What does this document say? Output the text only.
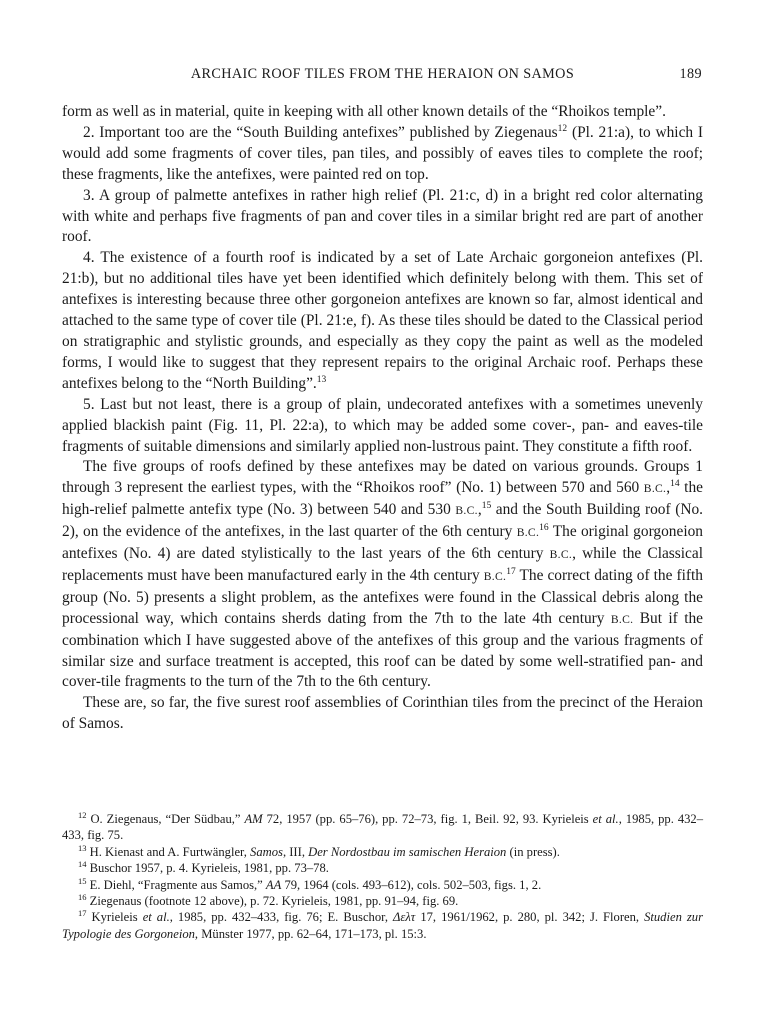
ARCHAIC ROOF TILES FROM THE HERAION ON SAMOS	189

form as well as in material, quite in keeping with all other known details of the “Rhoikos temple”.

2. Important too are the “South Building antefixes” published by Ziegenaus$^{12}$ (Pl. 21:a), to which I would add some fragments of cover tiles, pan tiles, and possibly of eaves tiles to complete the roof; these fragments, like the antefixes, were painted red on top.

3. A group of palmette antefixes in rather high relief (Pl. 21:c, d) in a bright red color alternating with white and perhaps five fragments of pan and cover tiles in a similar bright red are part of another roof.

4. The existence of a fourth roof is indicated by a set of Late Archaic gorgoneion antefixes (Pl. 21:b), but no additional tiles have yet been identified which definitely belong with them. This set of antefixes is interesting because three other gorgoneion antefixes are known so far, almost identical and attached to the same type of cover tile (Pl. 21:e, f). As these tiles should be dated to the Classical period on stratigraphic and stylistic grounds, and especially as they copy the paint as well as the modeled forms, I would like to suggest that they represent repairs to the original Archaic roof. Perhaps these antefixes belong to the “North Building”.$^{13}$

5. Last but not least, there is a group of plain, undecorated antefixes with a sometimes unevenly applied blackish paint (Fig. 11, Pl. 22:a), to which may be added some cover-, pan- and eaves-tile fragments of suitable dimensions and similarly applied non-lustrous paint. They constitute a fifth roof.

The five groups of roofs defined by these antefixes may be dated on various grounds. Groups 1 through 3 represent the earliest types, with the “Rhoikos roof” (No. 1) between 570 and 560 B.C.,$^{14}$ the high-relief palmette antefix type (No. 3) between 540 and 530 B.C.,$^{15}$ and the South Building roof (No. 2), on the evidence of the antefixes, in the last quarter of the 6th century B.C.$^{16}$ The original gorgoneion antefixes (No. 4) are dated stylistically to the last years of the 6th century B.C., while the Classical replacements must have been manufactured early in the 4th century B.C.$^{17}$ The correct dating of the fifth group (No. 5) presents a slight problem, as the antefixes were found in the Classical debris along the processional way, which contains sherds dating from the 7th to the late 4th century B.C. But if the combination which I have suggested above of the antefixes of this group and the various fragments of similar size and surface treatment is accepted, this roof can be dated by some well-stratified pan- and cover-tile fragments to the turn of the 7th to the 6th century.

These are, so far, the five surest roof assemblies of Corinthian tiles from the precinct of the Heraion of Samos.

$^{12}$ O. Ziegenaus, “Der Südbau,” AM 72, 1957 (pp. 65–76), pp. 72–73, fig. 1, Beil. 92, 93. Kyrieleis et al., 1985, pp. 432–433, fig. 75.

$^{13}$ H. Kienast and A. Furtwängler, Samos, III, Der Nordostbau im samischen Heraion (in press).

$^{14}$ Buschor 1957, p. 4. Kyrieleis, 1981, pp. 73–78.

$^{15}$ E. Diehl, “Fragmente aus Samos,” AA 79, 1964 (cols. 493–612), cols. 502–503, figs. 1, 2.

$^{16}$ Ziegenaus (footnote 12 above), p. 72. Kyrieleis, 1981, pp. 91–94, fig. 69.

$^{17}$ Kyrieleis et al., 1985, pp. 432–433, fig. 76; E. Buschor, Δελτ 17, 1961/1962, p. 280, pl. 342; J. Floren, Studien zur Typologie des Gorgoneion, Münster 1977, pp. 62–64, 171–173, pl. 15:3.
